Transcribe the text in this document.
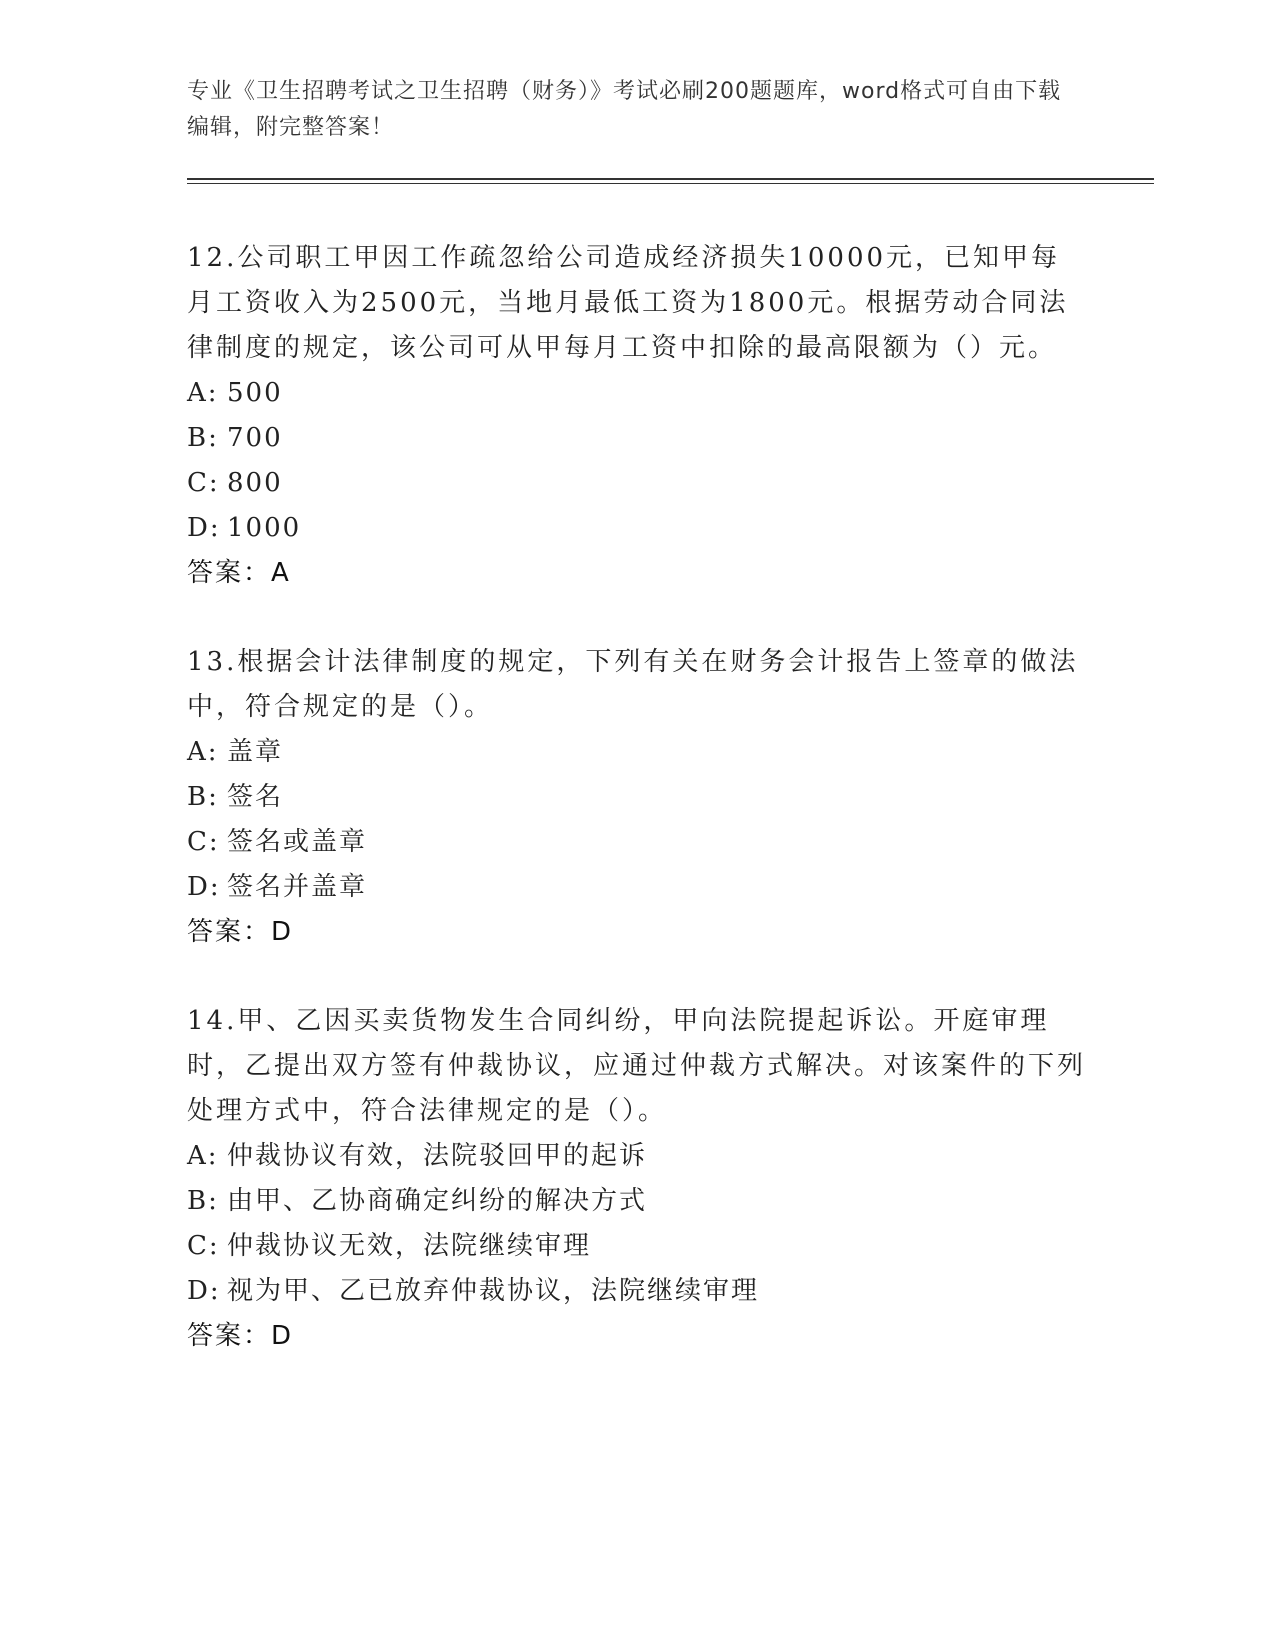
专业《卫生招聘考试之卫生招聘（财务）》考试必刷200题题库，word格式可自由下载编辑，附完整答案！
12.公司职工甲因工作疏忽给公司造成经济损失10000元，已知甲每月工资收入为2500元，当地月最低工资为1800元。根据劳动合同法律制度的规定，该公司可从甲每月工资中扣除的最高限额为（）元。
A: 500
B: 700
C: 800
D: 1000
答案：A
13.根据会计法律制度的规定，下列有关在财务会计报告上签章的做法中，符合规定的是（）。
A: 盖章
B: 签名
C: 签名或盖章
D: 签名并盖章
答案：D
14.甲、乙因买卖货物发生合同纠纷，甲向法院提起诉讼。开庭审理时，乙提出双方签有仲裁协议，应通过仲裁方式解决。对该案件的下列处理方式中，符合法律规定的是（）。
A: 仲裁协议有效，法院驳回甲的起诉
B: 由甲、乙协商确定纠纷的解决方式
C: 仲裁协议无效，法院继续审理
D: 视为甲、乙已放弃仲裁协议，法院继续审理
答案：D
